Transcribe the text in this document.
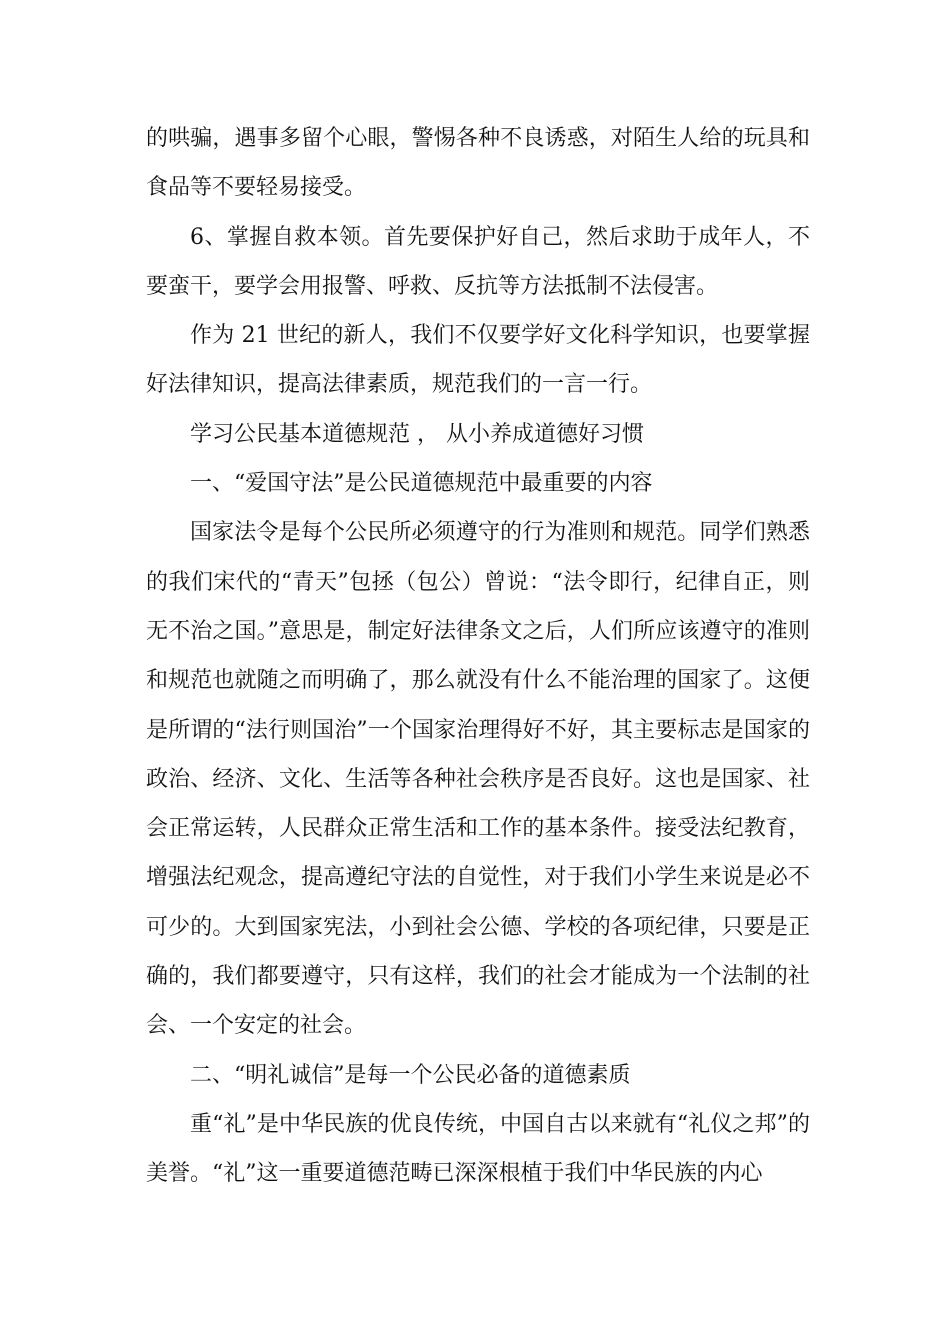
的哄骗，遇事多留个心眼，警惕各种不良诱惑，对陌生人给的玩具和食品等不要轻易接受。

6、掌握自救本领。首先要保护好自己，然后求助于成年人，不要蛮干，要学会用报警、呼救、反抗等方法抵制不法侵害。

作为 21 世纪的新人，我们不仅要学好文化科学知识，也要掌握好法律知识，提高法律素质，规范我们的一言一行。

学习公民基本道德规范 ， 从小养成道德好习惯

一、“爱国守法”是公民道德规范中最重要的内容

国家法令是每个公民所必须遵守的行为准则和规范。同学们熟悉的我们宋代的“青天”包拯（包公）曾说：“法令即行，纪律自正，则无不治之国。”意思是，制定好法律条文之后，人们所应该遵守的准则和规范也就随之而明确了，那么就没有什么不能治理的国家了。这便是所谓的“法行则国治”一个国家治理得好不好，其主要标志是国家的政治、经济、文化、生活等各种社会秩序是否良好。这也是国家、社会正常运转，人民群众正常生活和工作的基本条件。接受法纪教育，增强法纪观念，提高遵纪守法的自觉性，对于我们小学生来说是必不可少的。大到国家宪法，小到社会公德、学校的各项纪律，只要是正确的，我们都要遵守，只有这样，我们的社会才能成为一个法制的社会、一个安定的社会。

二、“明礼诚信”是每一个公民必备的道德素质

重“礼”是中华民族的优良传统，中国自古以来就有“礼仪之邦”的美誉。“礼”这一重要道德范畴已深深根植于我们中华民族的内心
